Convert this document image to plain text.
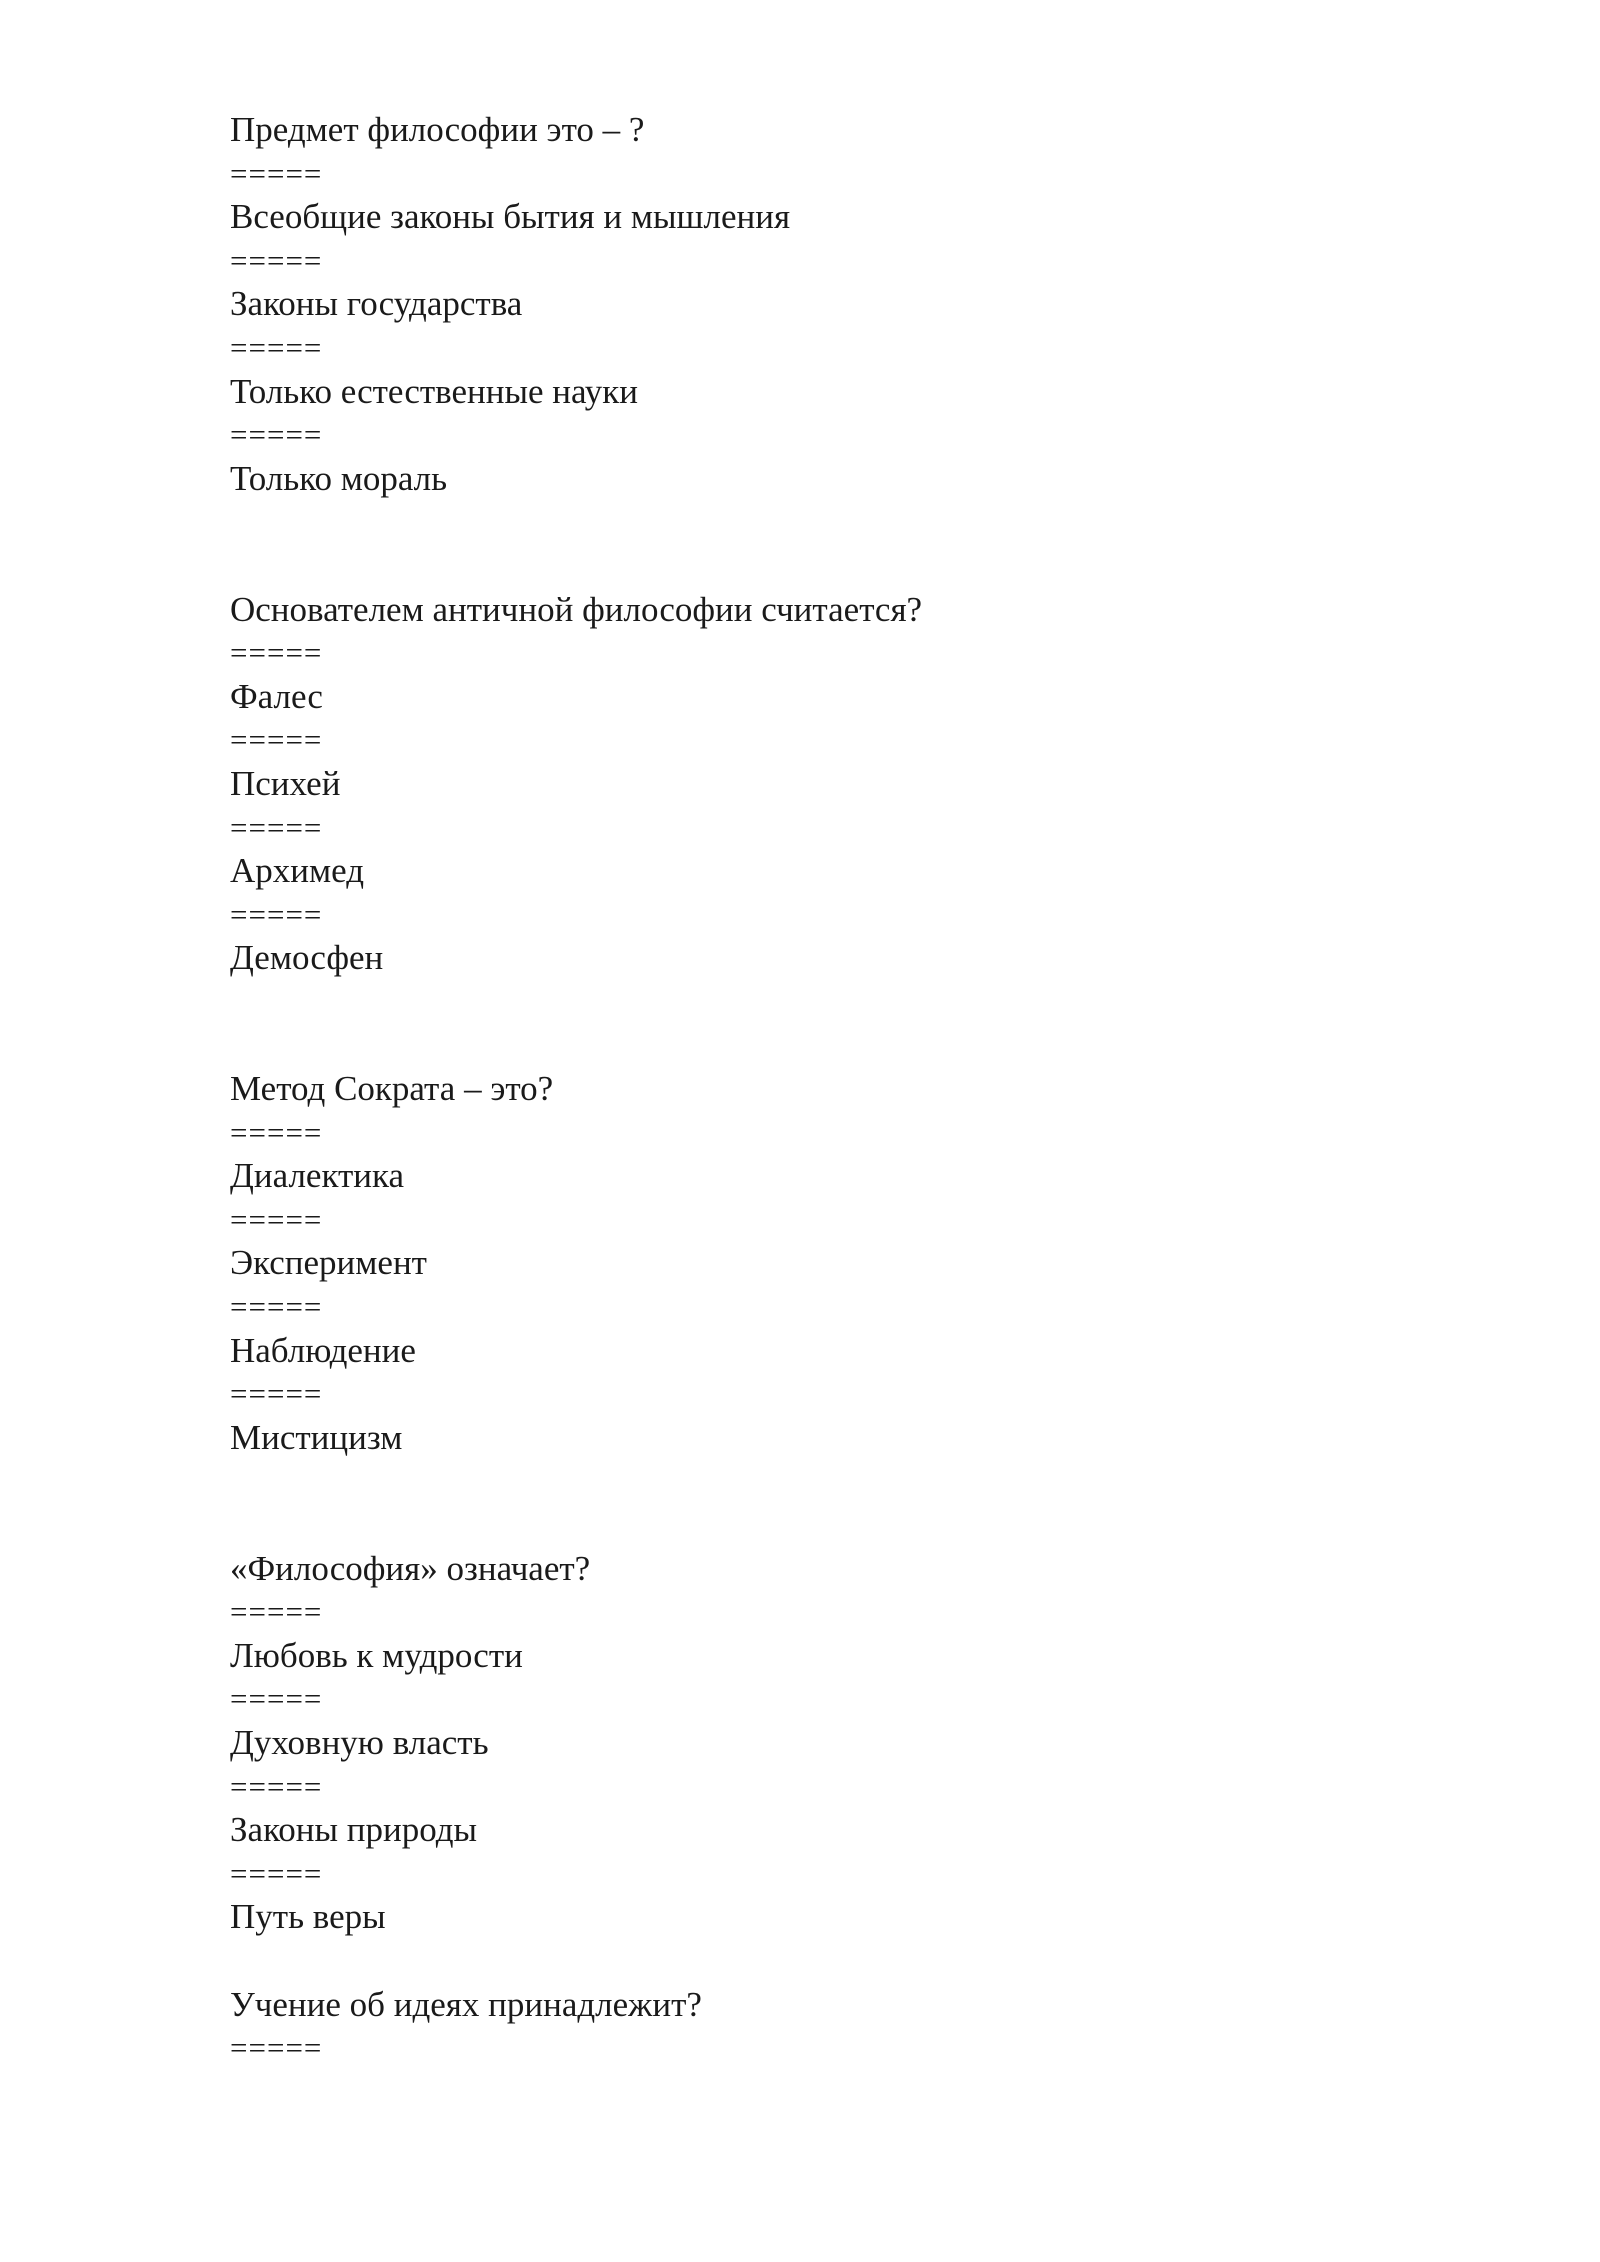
Предмет философии это – ?
=====
Всеобщие законы бытия и мышления
=====
Законы государства
=====
Только естественные науки
=====
Только мораль
Основателем античной философии считается?
=====
Фалес
=====
Психей
=====
Архимед
=====
Демосфен
Метод Сократа – это?
=====
Диалектика
=====
Эксперимент
=====
Наблюдение
=====
Мистицизм
«Философия» означает?
=====
Любовь к мудрости
=====
Духовную власть
=====
Законы природы
=====
Путь веры
Учение об идеях принадлежит?
=====
